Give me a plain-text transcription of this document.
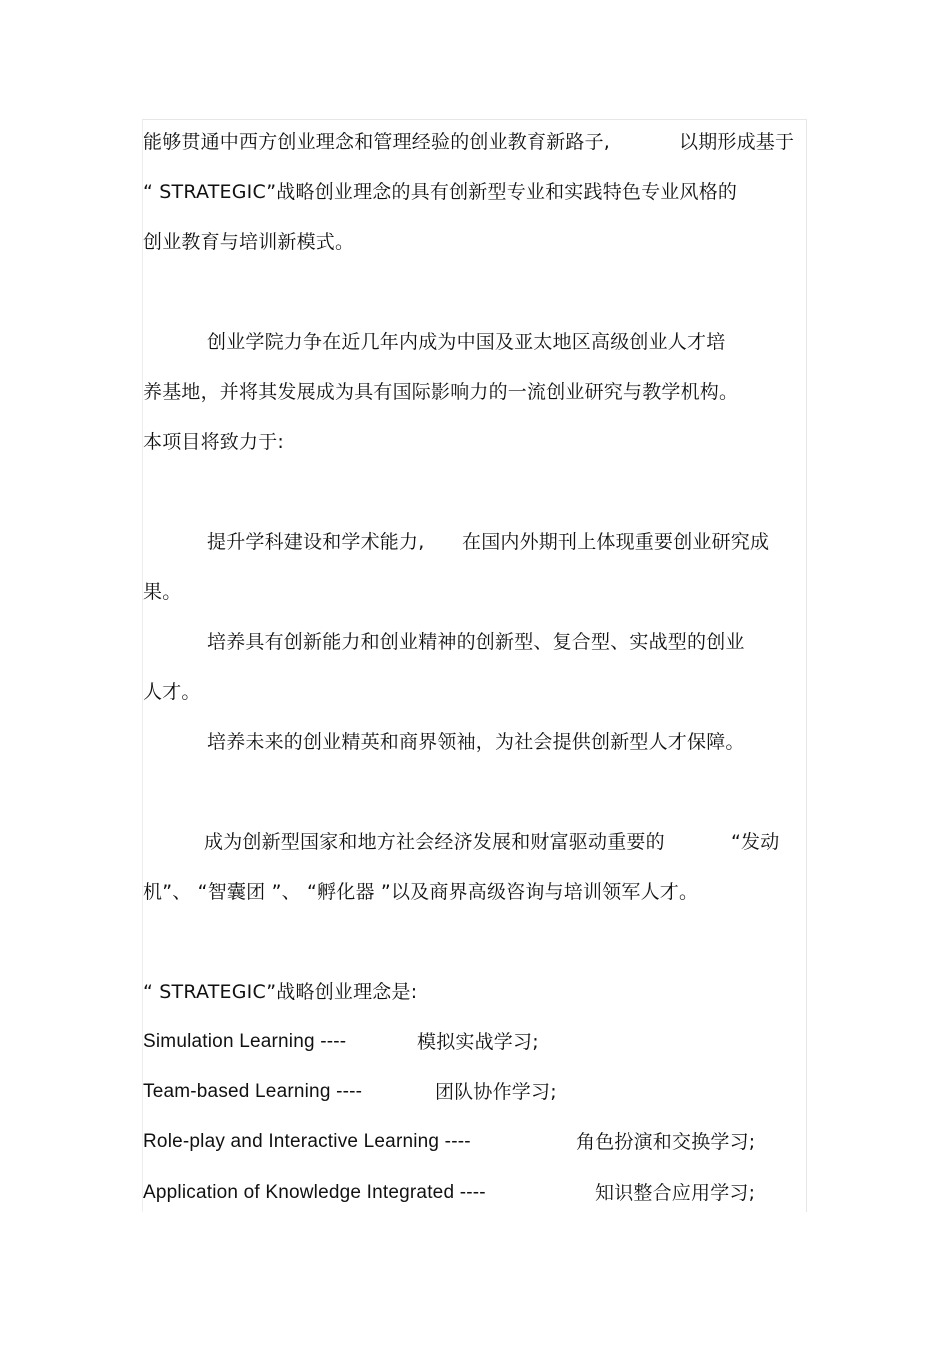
能够贯通中西方创业理念和管理经验的创业教育新路子,	以期形成基于
“ STRATEGIC”战略创业理念的具有创新型专业和实践特色专业风格的
创业教育与培训新模式。
创业学院力争在近几年内成为中国及亚太地区高级创业人才培
养基地，并将其发展成为具有国际影响力的一流创业研究与教学机构。
本项目将致力于:
提升学科建设和学术能力, 在国内外期刊上体现重要创业研究成
果。
培养具有创新能力和创业精神的创新型、复合型、实战型的创业
人才。
培养未来的创业精英和商界领袖，为社会提供创新型人才保障。
成为创新型国家和地方社会经济发展和财富驱动重要的	“发动
机”、 “智囊团 ”、 “孵化器 ”以及商界高级咨询与培训领军人才。
“ STRATEGIC”战略创业理念是:
Simulation Learning ----	模拟实战学习;
Team-based Learning ----	团队协作学习;
Role-play and Interactive Learning ----	角色扮演和交换学习;
Application of Knowledge Integrated ----	知识整合应用学习;
